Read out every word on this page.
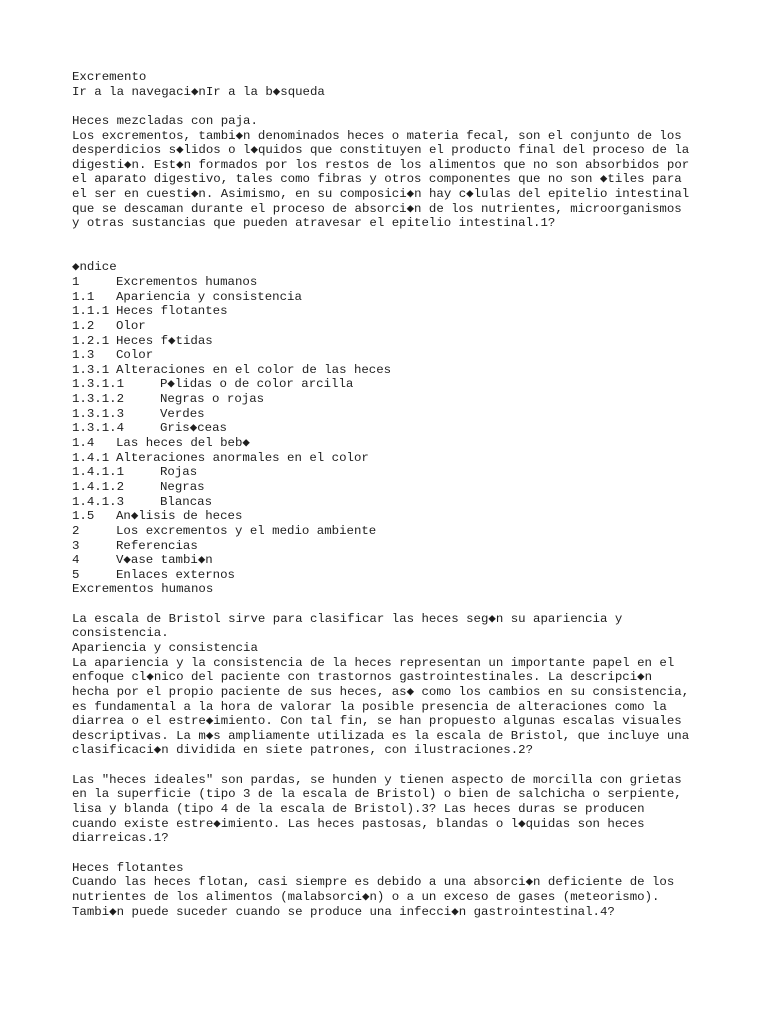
Excremento
Ir a la navegaci◆nIr a la b◆squeda
Heces mezcladas con paja.
Los excrementos, tambi◆n denominados heces o materia fecal, son el conjunto de los
desperdicios s◆lidos o l◆quidos que constituyen el producto final del proceso de la
digesti◆n. Est◆n formados por los restos de los alimentos que no son absorbidos por
el aparato digestivo, tales como fibras y otros componentes que no son ◆tiles para
el ser en cuesti◆n. Asimismo, en su composici◆n hay c◆lulas del epitelio intestinal
que se descaman durante el proceso de absorci◆n de los nutrientes, microorganismos
y otras sustancias que pueden atravesar el epitelio intestinal.1?
◆ndice
1	Excrementos humanos
1.1	Apariencia y consistencia
1.1.1 Heces flotantes
1.2	Olor
1.2.1 Heces f◆tidas
1.3	Color
1.3.1 Alteraciones en el color de las heces
1.3.1.1	P◆lidas o de color arcilla
1.3.1.2	Negras o rojas
1.3.1.3	Verdes
1.3.1.4	Gris◆ceas
1.4	Las heces del beb◆
1.4.1 Alteraciones anormales en el color
1.4.1.1	Rojas
1.4.1.2	Negras
1.4.1.3	Blancas
1.5	An◆lisis de heces
2	Los excrementos y el medio ambiente
3	Referencias
4	V◆ase tambi◆n
5	Enlaces externos
Excrementos humanos
La escala de Bristol sirve para clasificar las heces seg◆n su apariencia y
consistencia.
Apariencia y consistencia
La apariencia y la consistencia de la heces representan un importante papel en el
enfoque cl◆nico del paciente con trastornos gastrointestinales. La descripci◆n
hecha por el propio paciente de sus heces, as◆ como los cambios en su consistencia,
es fundamental a la hora de valorar la posible presencia de alteraciones como la
diarrea o el estre◆imiento. Con tal fin, se han propuesto algunas escalas visuales
descriptivas. La m◆s ampliamente utilizada es la escala de Bristol, que incluye una
clasificaci◆n dividida en siete patrones, con ilustraciones.2?
Las "heces ideales" son pardas, se hunden y tienen aspecto de morcilla con grietas
en la superficie (tipo 3 de la escala de Bristol) o bien de salchicha o serpiente,
lisa y blanda (tipo 4 de la escala de Bristol).3? Las heces duras se producen
cuando existe estre◆imiento. Las heces pastosas, blandas o l◆quidas son heces
diarreicas.1?
Heces flotantes
Cuando las heces flotan, casi siempre es debido a una absorci◆n deficiente de los
nutrientes de los alimentos (malabsorci◆n) o a un exceso de gases (meteorismo).
Tambi◆n puede suceder cuando se produce una infecci◆n gastrointestinal.4?
